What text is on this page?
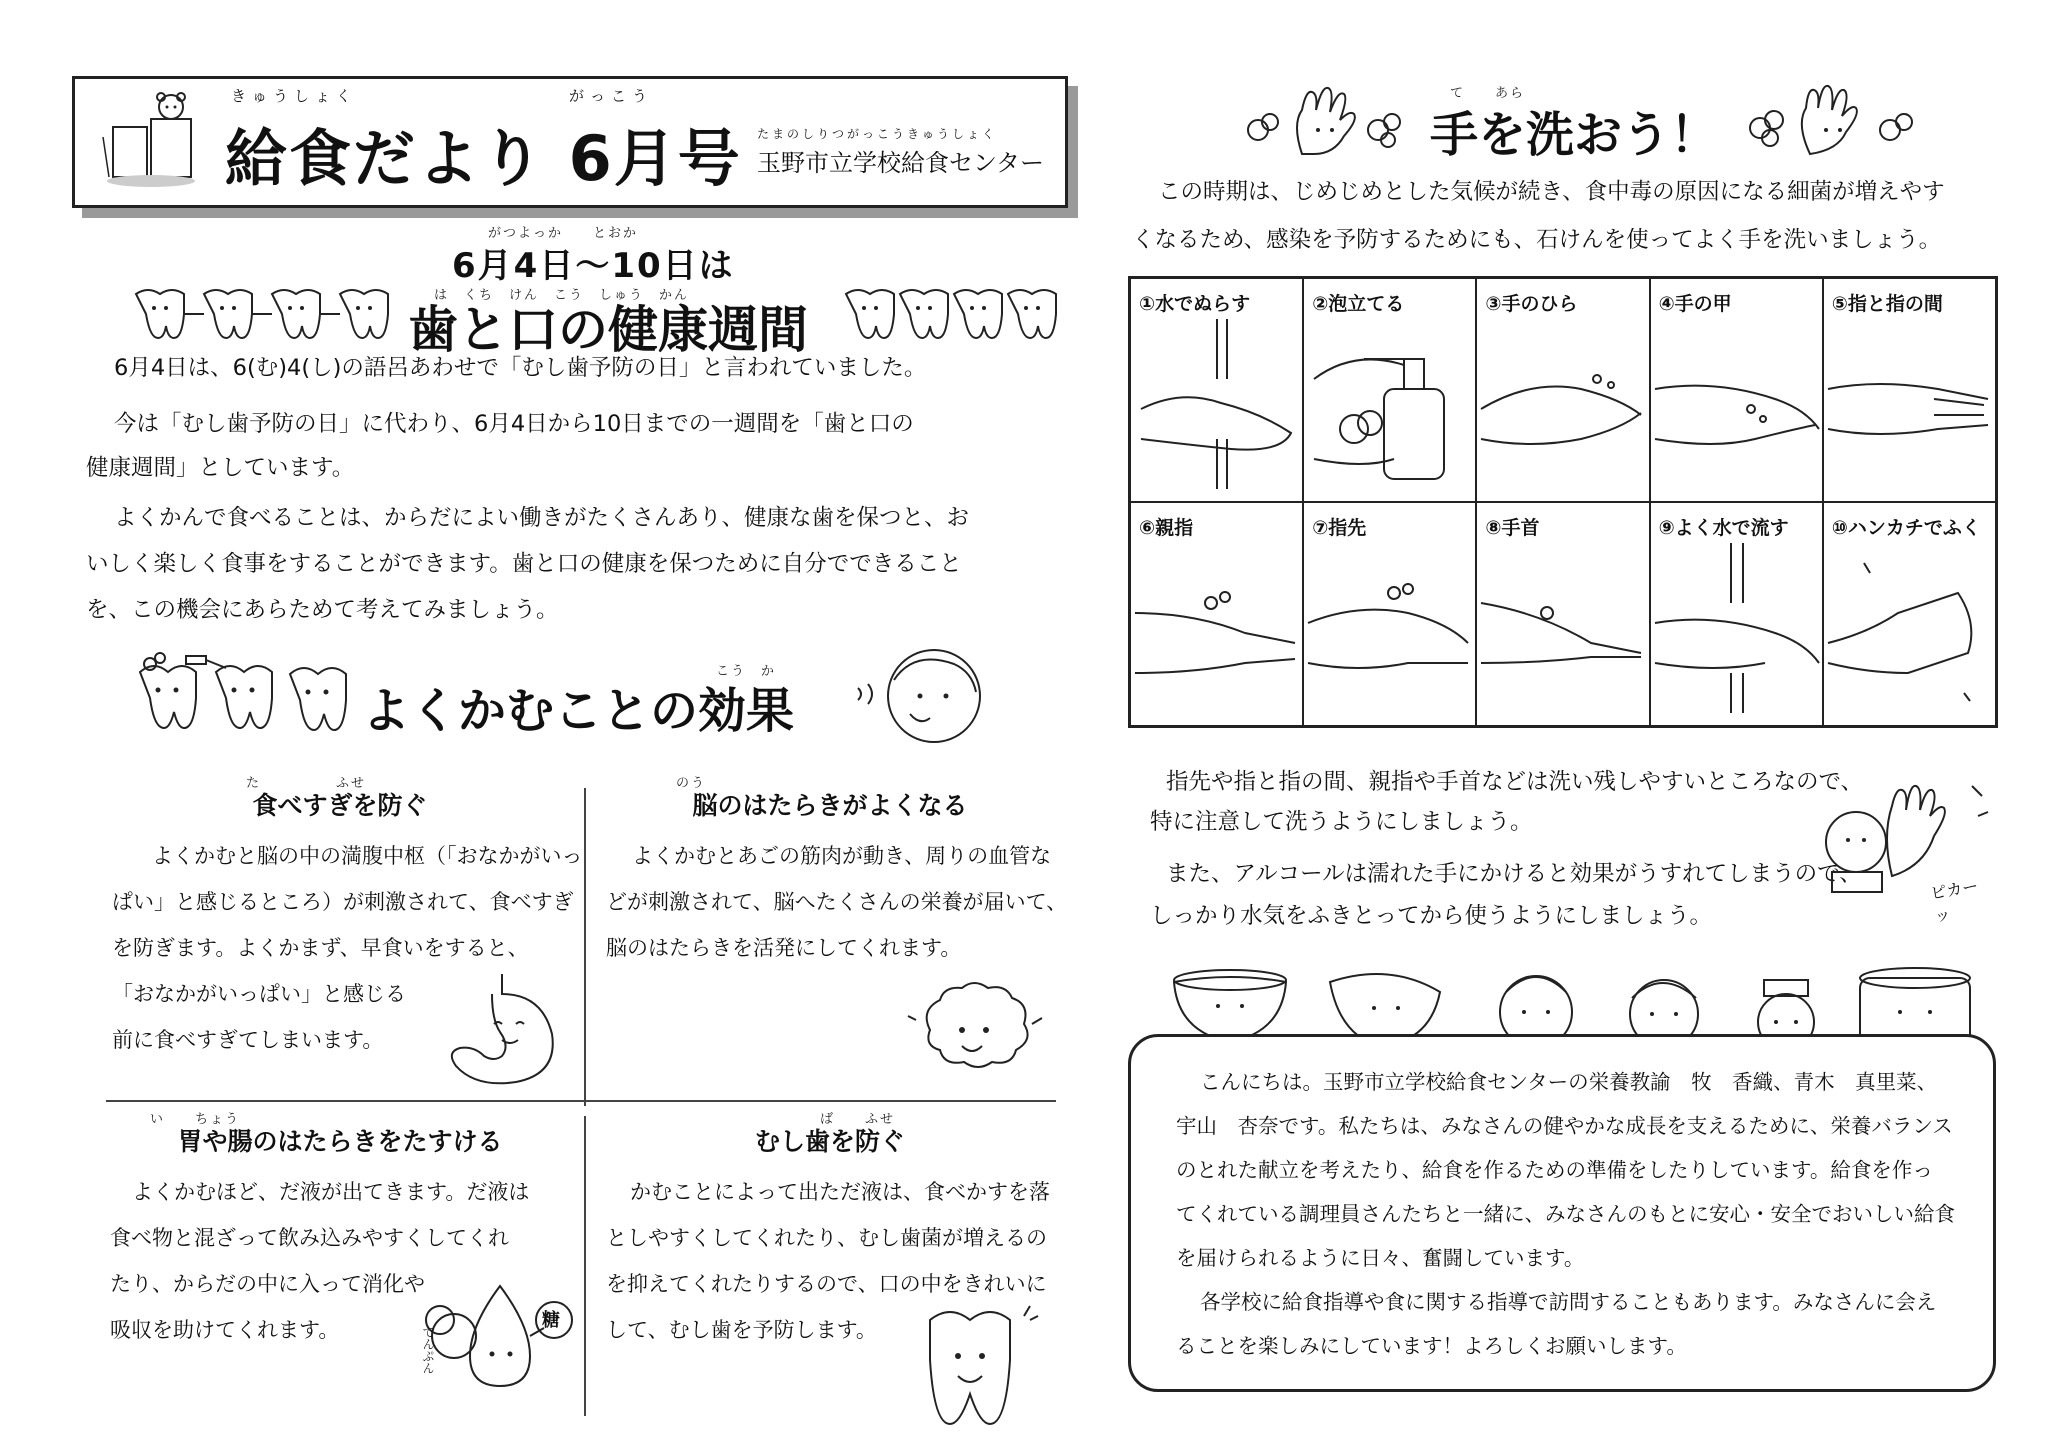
きゅうしょく	がっこう
給食だより 6月号 たまのしりつがっこうきゅうしょく
玉野市立学校給食センター
がつよっか　　とおか
6月4日～10日は
は　くち　けん　こう　しゅう　かん
歯と口の健康週間
6月4日は、6(む)4(し)の語呂あわせで「むし歯予防の日」と言われていました。
今は「むし歯予防の日」に代わり、6月4日から10日までの一週間を「歯と口の
健康週間」としています。
よくかんで食べることは、からだによい働きがたくさんあり、健康な歯を保つと、お
いしく楽しく食事をすることができます。歯と口の健康を保つために自分でできること
を、この機会にあらためて考えてみましょう。
こう　か
よくかむことの効果
た　　　　　ふせ
食べすぎを防ぐ
よくかむと脳の中の満腹中枢（「おなかがいっ
ぱい」と感じるところ）が刺激されて、食べすぎ
を防ぎます。よくかまず、早食いをすると、
「おなかがいっぱい」と感じる
前に食べすぎてしまいます。
のう
脳のはたらきがよくなる
よくかむとあごの筋肉が動き、周りの血管な
どが刺激されて、脳へたくさんの栄養が届いて、
脳のはたらきを活発にしてくれます。
い　　ちょう
胃や腸のはたらきをたすける
よくかむほど、だ液が出てきます。だ液は
食べ物と混ざって飲み込みやすくしてくれ
たり、からだの中に入って消化や
吸収を助けてくれます。	糖
でんぷん
ば　　ふせ
むし歯を防ぐ
かむことによって出ただ液は、食べかすを落
としやすくしてくれたり、むし歯菌が増えるの
を抑えてくれたりするので、口の中をきれいに
して、むし歯を予防します。
て　　あら
手を洗おう！
この時期は、じめじめとした気候が続き、食中毒の原因になる細菌が増えやす
くなるため、感染を予防するためにも、石けんを使ってよく手を洗いましょう。
①水でぬらす	②泡立てる	③手のひら	④手の甲	⑤指と指の間
⑥親指	⑦指先	⑧手首	⑨よく水で流す ⑩ハンカチでふく
指先や指と指の間、親指や手首などは洗い残しやすいところなので、
特に注意して洗うようにしましょう。
また、アルコールは濡れた手にかけると効果がうすれてしまうので、
しっかり水気をふきとってから使うようにしましょう。
ピカーッ
こんにちは。玉野市立学校給食センターの栄養教諭　牧　香織、青木　真里菜、
宇山　杏奈です。私たちは、みなさんの健やかな成長を支えるために、栄養バランス
のとれた献立を考えたり、給食を作るための準備をしたりしています。給食を作っ
てくれている調理員さんたちと一緒に、みなさんのもとに安心・安全でおいしい給食
を届けられるように日々、奮闘しています。
各学校に給食指導や食に関する指導で訪問することもあります。みなさんに会え
ることを楽しみにしています！よろしくお願いします。
